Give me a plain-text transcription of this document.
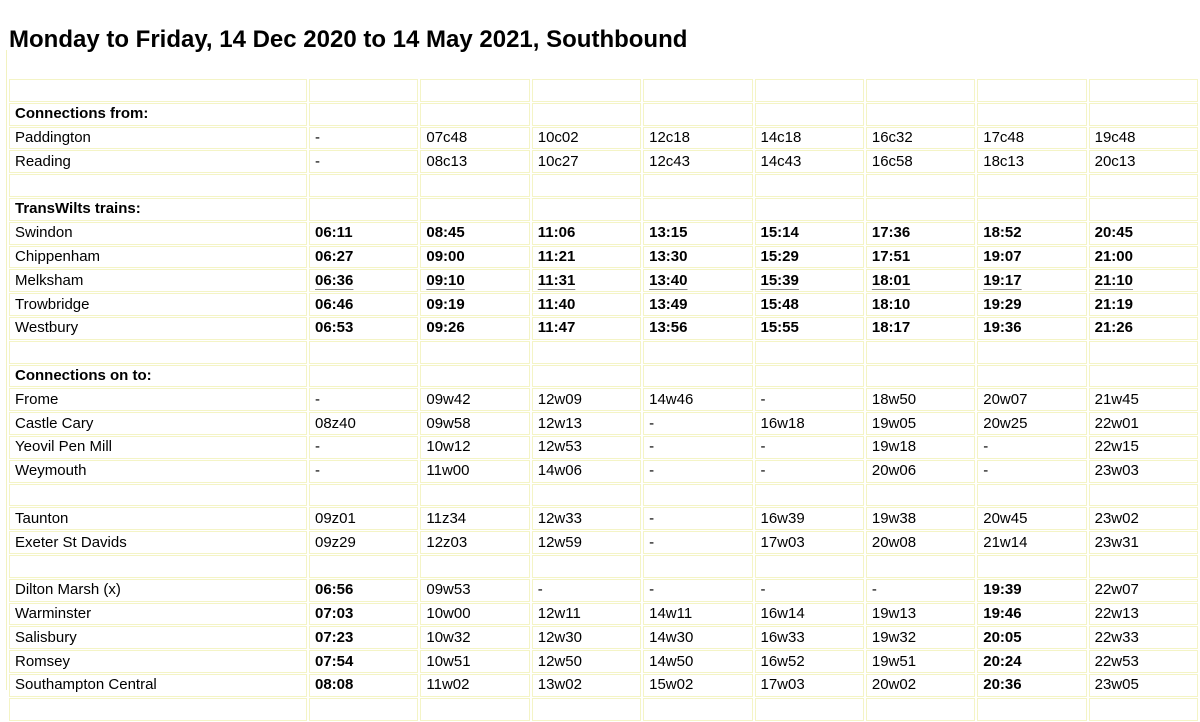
Monday to Friday, 14 Dec 2020 to 14 May 2021, Southbound

Connections from:								
Paddington	-	07c48	10c02	12c18	14c18	16c32	17c48	19c48
Reading	-	08c13	10c27	12c43	14c43	16c58	18c13	20c13

TransWilts trains:								
Swindon	06:11	08:45	11:06	13:15	15:14	17:36	18:52	20:45
Chippenham	06:27	09:00	11:21	13:30	15:29	17:51	19:07	21:00
Melksham	06:36	09:10	11:31	13:40	15:39	18:01	19:17	21:10
Trowbridge	06:46	09:19	11:40	13:49	15:48	18:10	19:29	21:19
Westbury	06:53	09:26	11:47	13:56	15:55	18:17	19:36	21:26

Connections on to:								
Frome	-	09w42	12w09	14w46	-	18w50	20w07	21w45
Castle Cary	08z40	09w58	12w13	-	16w18	19w05	20w25	22w01
Yeovil Pen Mill	-	10w12	12w53	-	-	19w18	-	22w15
Weymouth	-	11w00	14w06	-	-	20w06	-	23w03

Taunton	09z01	11z34	12w33	-	16w39	19w38	20w45	23w02
Exeter St Davids	09z29	12z03	12w59	-	17w03	20w08	21w14	23w31

Dilton Marsh (x)	06:56	09w53	-	-	-	-	19:39	22w07
Warminster	07:03	10w00	12w11	14w11	16w14	19w13	19:46	22w13
Salisbury	07:23	10w32	12w30	14w30	16w33	19w32	20:05	22w33
Romsey	07:54	10w51	12w50	14w50	16w52	19w51	20:24	22w53
Southampton Central	08:08	11w02	13w02	15w02	17w03	20w02	20:36	23w05
